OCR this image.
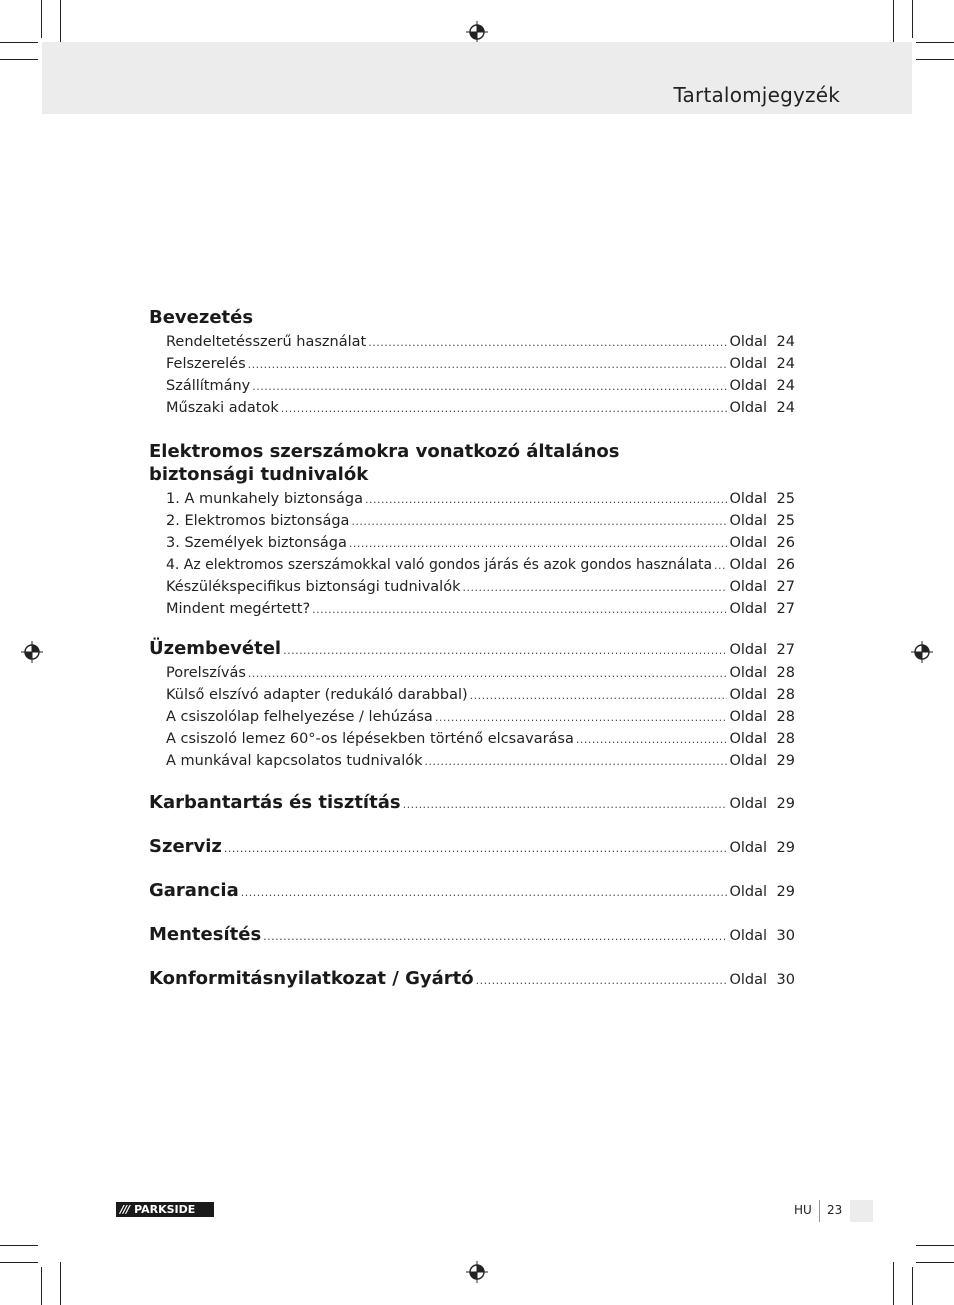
Tartalomjegyzék
Bevezetés
Rendeltetésszerű használat .....	Oldal 24
Felszerelés .....	Oldal 24
Szállítmány .....	Oldal 24
Műszaki adatok .....	Oldal 24
Elektromos szerszámokra vonatkozó általános
biztonsági tudnivalók
1. A munkahely biztonsága .....	Oldal 25
2. Elektromos biztonsága .....	Oldal 25
3. Személyek biztonsága .....	Oldal 26
4. Az elektromos szerszámokkal való gondos járás és azok gondos használata ..... Oldal 26
Készülékspecifikus biztonsági tudnivalók .....	Oldal 27
Mindent megértett? .....	Oldal 27
Üzembevétel .....	Oldal 27
Porelszívás .....	Oldal 28
Külső elszívó adapter (redukáló darabbal) .....	Oldal 28
A csiszolólap felhelyezése / lehúzása .....	Oldal 28
A csiszoló lemez 60°-os lépésekben történő elcsavarása .....	Oldal 28
A munkával kapcsolatos tudnivalók .....	Oldal 29
Karbantartás és tisztítás .....	Oldal 29
Szerviz .....	Oldal 29
Garancia .....	Oldal 29
Mentesítés .....	Oldal 30
Konformitásnyilatkozat / Gyártó .....	Oldal 30
/// PARKSIDE	HU 23
